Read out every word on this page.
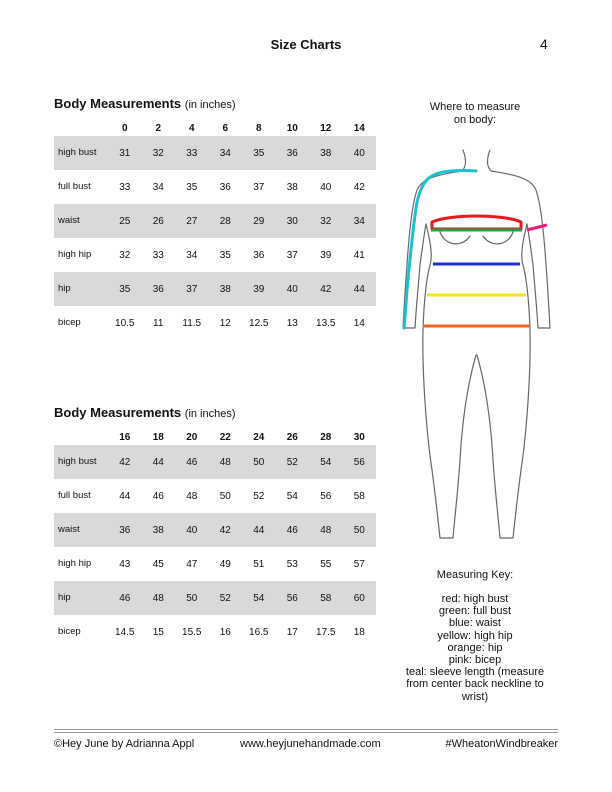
Size Charts	4
Body Measurements (in inches)
	0	2	4	6	8	10	12	14
high bust	31	32	33	34	35	36	38	40
full bust	33	34	35	36	37	38	40	42
waist	25	26	27	28	29	30	32	34
high hip	32	33	34	35	36	37	39	41
hip	35	36	37	38	39	40	42	44
bicep	10.5	11	11.5	12	12.5	13	13.5	14
Body Measurements (in inches)
	16	18	20	22	24	26	28	30
high bust	42	44	46	48	50	52	54	56
full bust	44	46	48	50	52	54	56	58
waist	36	38	40	42	44	46	48	50
high hip	43	45	47	49	51	53	55	57
hip	46	48	50	52	54	56	58	60
bicep	14.5	15	15.5	16	16.5	17	17.5	18
Where to measure
on body:
Measuring Key:
red: high bust
green: full bust
blue: waist
yellow: high hip
orange: hip
pink: bicep
teal: sleeve length (measure
from center back neckline to
wrist)
©Hey June by Adrianna Appl	www.heyjunehandmade.com	#WheatonWindbreaker
